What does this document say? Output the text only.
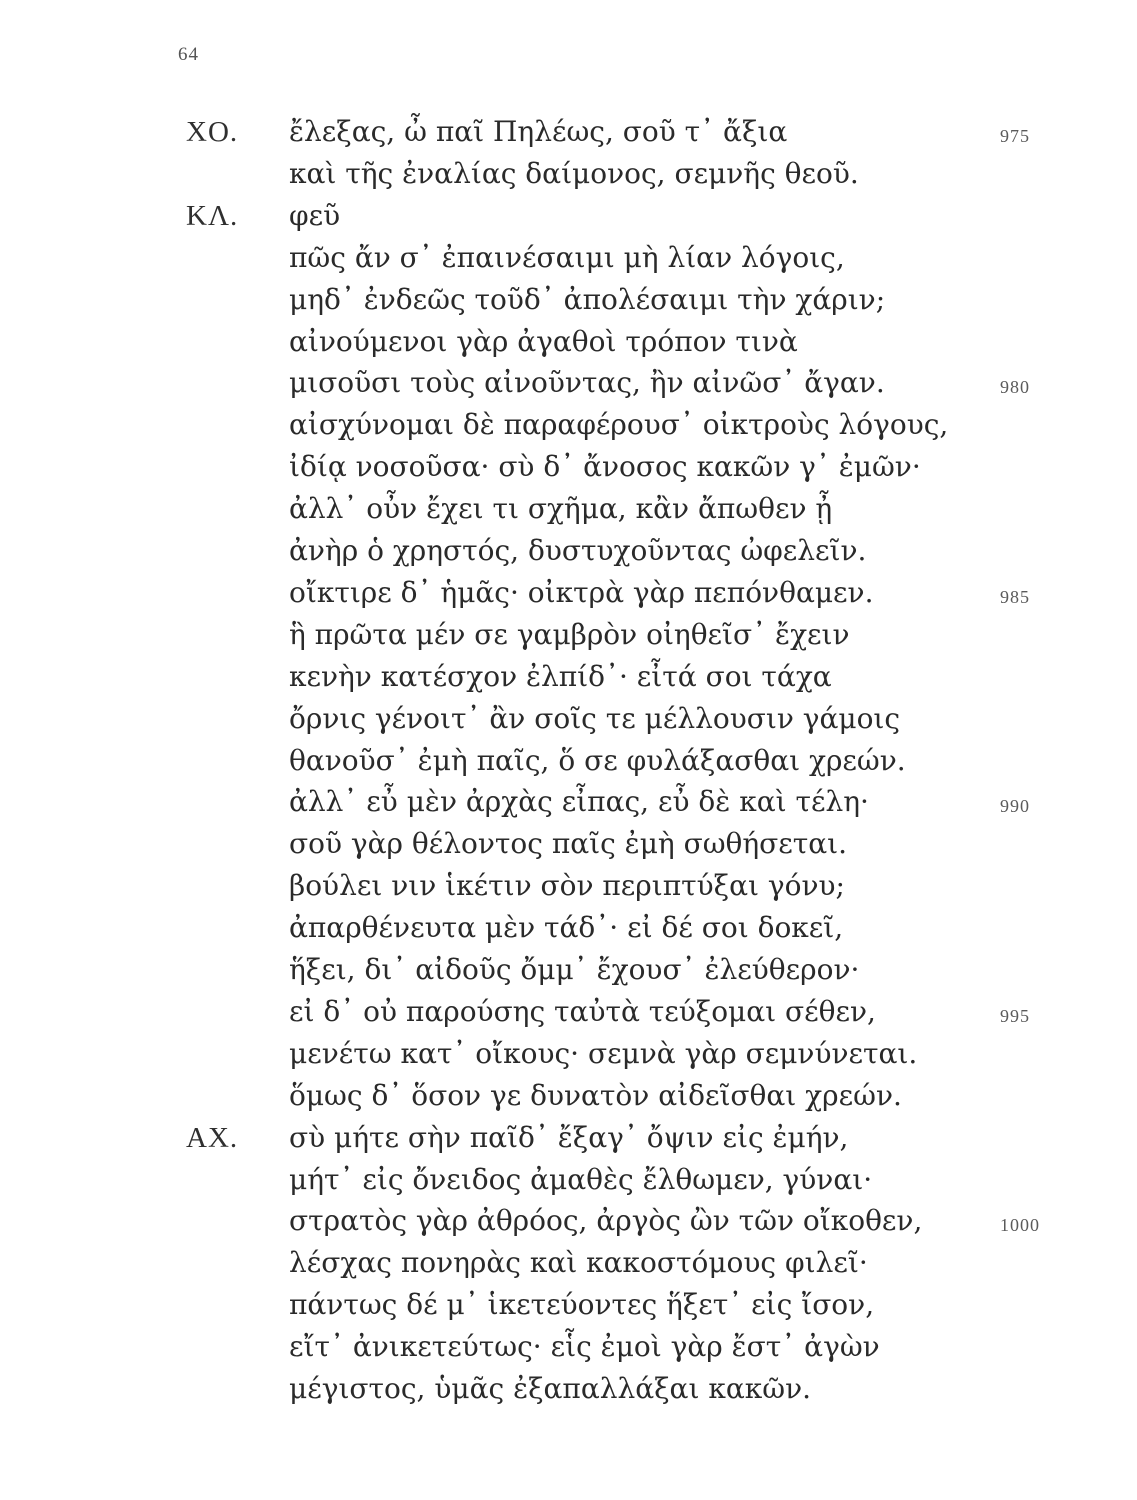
64
ΧΟ. ἔλεξας, ὦ παῖ Πηλέως, σοῦ τ᾽ ἄξια	975
καὶ τῆς ἐναλίας δαίμονος, σεμνῆς θεοῦ.
ΚΛ. φεῦ
πῶς ἄν σ᾽ ἐπαινέσαιμι μὴ λίαν λόγοις,
μηδ᾽ ἐνδεῶς τοῦδ᾽ ἀπολέσαιμι τὴν χάριν;
αἰνούμενοι γὰρ ἀγαθοὶ τρόπον τινὰ
μισοῦσι τοὺς αἰνοῦντας, ἢν αἰνῶσ᾽ ἄγαν.	980
αἰσχύνομαι δὲ παραφέρουσ᾽ οἰκτροὺς λόγους,
ἰδίᾳ νοσοῦσα· σὺ δ᾽ ἄνοσος κακῶν γ᾽ ἐμῶν·
ἀλλ᾽ οὖν ἔχει τι σχῆμα, κἂν ἄπωθεν ᾖ
ἀνὴρ ὁ χρηστός, δυστυχοῦντας ὠφελεῖν.
οἴκτιρε δ᾽ ἡμᾶς· οἰκτρὰ γὰρ πεπόνθαμεν.	985
ἣ πρῶτα μέν σε γαμβρὸν οἰηθεῖσ᾽ ἔχειν
κενὴν κατέσχον ἐλπίδ᾽· εἶτά σοι τάχα
ὄρνις γένοιτ᾽ ἂν σοῖς τε μέλλουσιν γάμοις
θανοῦσ᾽ ἐμὴ παῖς, ὅ σε φυλάξασθαι χρεών.
ἀλλ᾽ εὖ μὲν ἀρχὰς εἶπας, εὖ δὲ καὶ τέλη·	990
σοῦ γὰρ θέλοντος παῖς ἐμὴ σωθήσεται.
βούλει νιν ἱκέτιν σὸν περιπτύξαι γόνυ;
ἀπαρθένευτα μὲν τάδ᾽· εἰ δέ σοι δοκεῖ,
ἥξει, δι᾽ αἰδοῦς ὄμμ᾽ ἔχουσ᾽ ἐλεύθερον·
εἰ δ᾽ οὐ παρούσης ταὐτὰ τεύξομαι σέθεν,	995
μενέτω κατ᾽ οἴκους· σεμνὰ γὰρ σεμνύνεται.
ὅμως δ᾽ ὅσον γε δυνατὸν αἰδεῖσθαι χρεών.
ΑΧ. σὺ μήτε σὴν παῖδ᾽ ἔξαγ᾽ ὄψιν εἰς ἐμήν,
μήτ᾽ εἰς ὄνειδος ἀμαθὲς ἔλθωμεν, γύναι·
στρατὸς γὰρ ἀθρόος, ἀργὸς ὢν τῶν οἴκοθεν,	1000
λέσχας πονηρὰς καὶ κακοστόμους φιλεῖ·
πάντως δέ μ᾽ ἱκετεύοντες ἥξετ᾽ εἰς ἴσον,
εἴτ᾽ ἀνικετεύτως· εἷς ἐμοὶ γὰρ ἔστ᾽ ἀγὼν
μέγιστος, ὑμᾶς ἐξαπαλλάξαι κακῶν.
